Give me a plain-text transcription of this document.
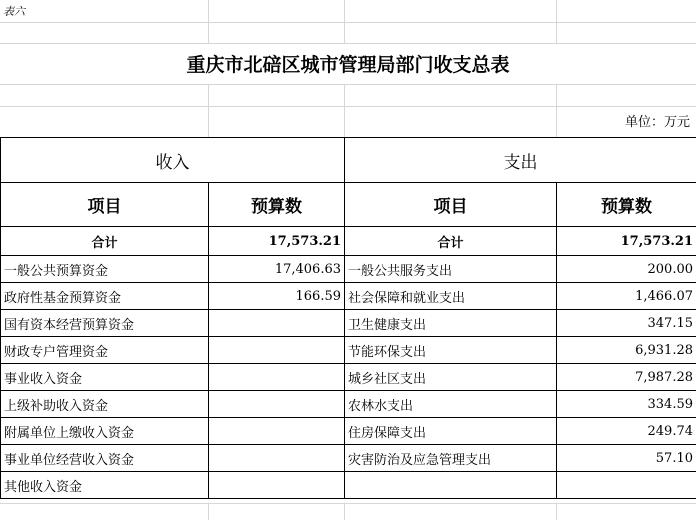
表六
重庆市北碚区城市管理局部门收支总表
单位：万元
收入		支出	
项目	预算数	项目	预算数
合计	17,573.21	合计	17,573.21
一般公共预算资金	17,406.63	一般公共服务支出	200.00
政府性基金预算资金	166.59	社会保障和就业支出	1,466.07
国有资本经营预算资金		卫生健康支出	347.15
财政专户管理资金		节能环保支出	6,931.28
事业收入资金		城乡社区支出	7,987.28
上级补助收入资金		农林水支出	334.59
附属单位上缴收入资金		住房保障支出	249.74
事业单位经营收入资金		灾害防治及应急管理支出	57.10
其他收入资金			
